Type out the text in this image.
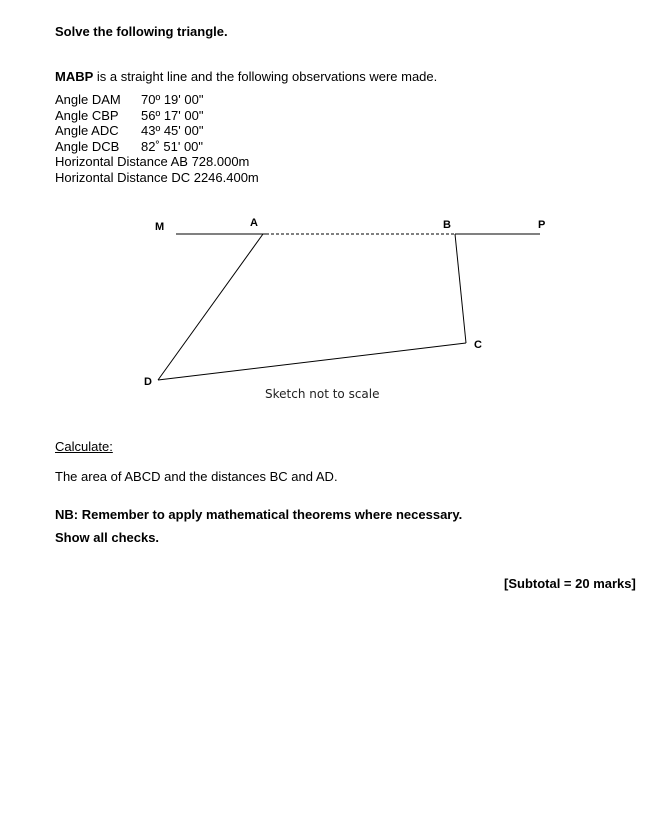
Solve the following triangle.
MABP is a straight line and the following observations were made.
Angle DAM	70º 19' 00"
Angle CBP	56º 17' 00"
Angle ADC	43º 45' 00"
Angle DCB	82˚ 51' 00"
Horizontal Distance AB 728.000m
Horizontal Distance DC 2246.400m
M	A	B	P
C
D
Sketch not to scale
Calculate:
The area of ABCD and the distances BC and AD.
NB: Remember to apply mathematical theorems where necessary.
Show all checks.
[Subtotal = 20 marks]
